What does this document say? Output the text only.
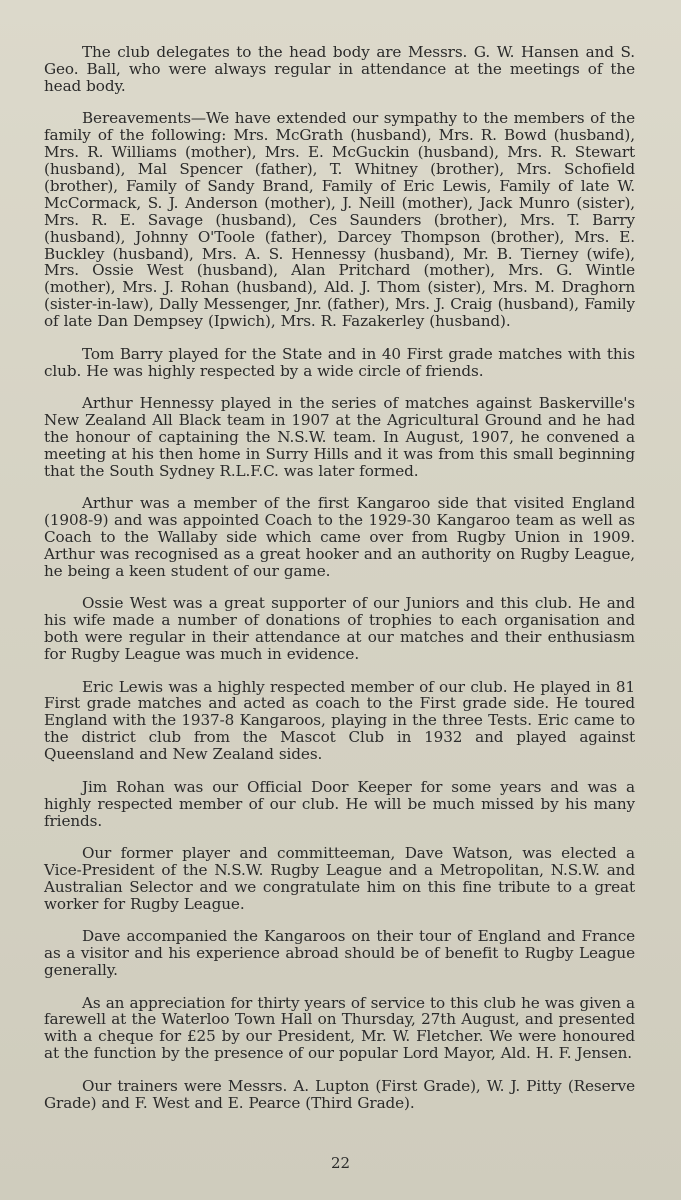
The club delegates to the head body are Messrs. G. W. Hansen and S. Geo. Ball, who were always regular in attendance at the meetings of the head body.

Bereavements—We have extended our sympathy to the members of the family of the following: Mrs. McGrath (husband), Mrs. R. Bowd (husband), Mrs. R. Williams (mother), Mrs. E. McGuckin (husband), Mrs. R. Stewart (husband), Mal Spencer (father), T. Whitney (brother), Mrs. Schofield (brother), Family of Sandy Brand, Family of Eric Lewis, Family of late W. McCormack, S. J. Anderson (mother), J. Neill (mother), Jack Munro (sister), Mrs. R. E. Savage (husband), Ces Saunders (brother), Mrs. T. Barry (husband), Johnny O'Toole (father), Darcey Thompson (brother), Mrs. E. Buckley (husband), Mrs. A. S. Hennessy (husband), Mr. B. Tierney (wife), Mrs. Ossie West (husband), Alan Pritchard (mother), Mrs. G. Wintle (mother), Mrs. J. Rohan (husband), Ald. J. Thom (sister), Mrs. M. Draghorn (sister-in-law), Dally Messenger, Jnr. (father), Mrs. J. Craig (husband), Family of late Dan Dempsey (Ipwich), Mrs. R. Fazakerley (husband).

Tom Barry played for the State and in 40 First grade matches with this club. He was highly respected by a wide circle of friends.

Arthur Hennessy played in the series of matches against Baskerville's New Zealand All Black team in 1907 at the Agricultural Ground and he had the honour of captaining the N.S.W. team. In August, 1907, he convened a meeting at his then home in Surry Hills and it was from this small beginning that the South Sydney R.L.F.C. was later formed.

Arthur was a member of the first Kangaroo side that visited England (1908-9) and was appointed Coach to the 1929-30 Kangaroo team as well as Coach to the Wallaby side which came over from Rugby Union in 1909. Arthur was recognised as a great hooker and an authority on Rugby League, he being a keen student of our game.

Ossie West was a great supporter of our Juniors and this club. He and his wife made a number of donations of trophies to each organisation and both were regular in their attendance at our matches and their enthusiasm for Rugby League was much in evidence.

Eric Lewis was a highly respected member of our club. He played in 81 First grade matches and acted as coach to the First grade side. He toured England with the 1937-8 Kangaroos, playing in the three Tests. Eric came to the district club from the Mascot Club in 1932 and played against Queensland and New Zealand sides.

Jim Rohan was our Official Door Keeper for some years and was a highly respected member of our club. He will be much missed by his many friends.

Our former player and committeeman, Dave Watson, was elected a Vice-President of the N.S.W. Rugby League and a Metropolitan, N.S.W. and Australian Selector and we congratulate him on this fine tribute to a great worker for Rugby League.

Dave accompanied the Kangaroos on their tour of England and France as a visitor and his experience abroad should be of benefit to Rugby League generally.

As an appreciation for thirty years of service to this club he was given a farewell at the Waterloo Town Hall on Thursday, 27th August, and presented with a cheque for £25 by our President, Mr. W. Fletcher. We were honoured at the function by the presence of our popular Lord Mayor, Ald. H. F. Jensen.

Our trainers were Messrs. A. Lupton (First Grade), W. J. Pitty (Reserve Grade) and F. West and E. Pearce (Third Grade).

22
